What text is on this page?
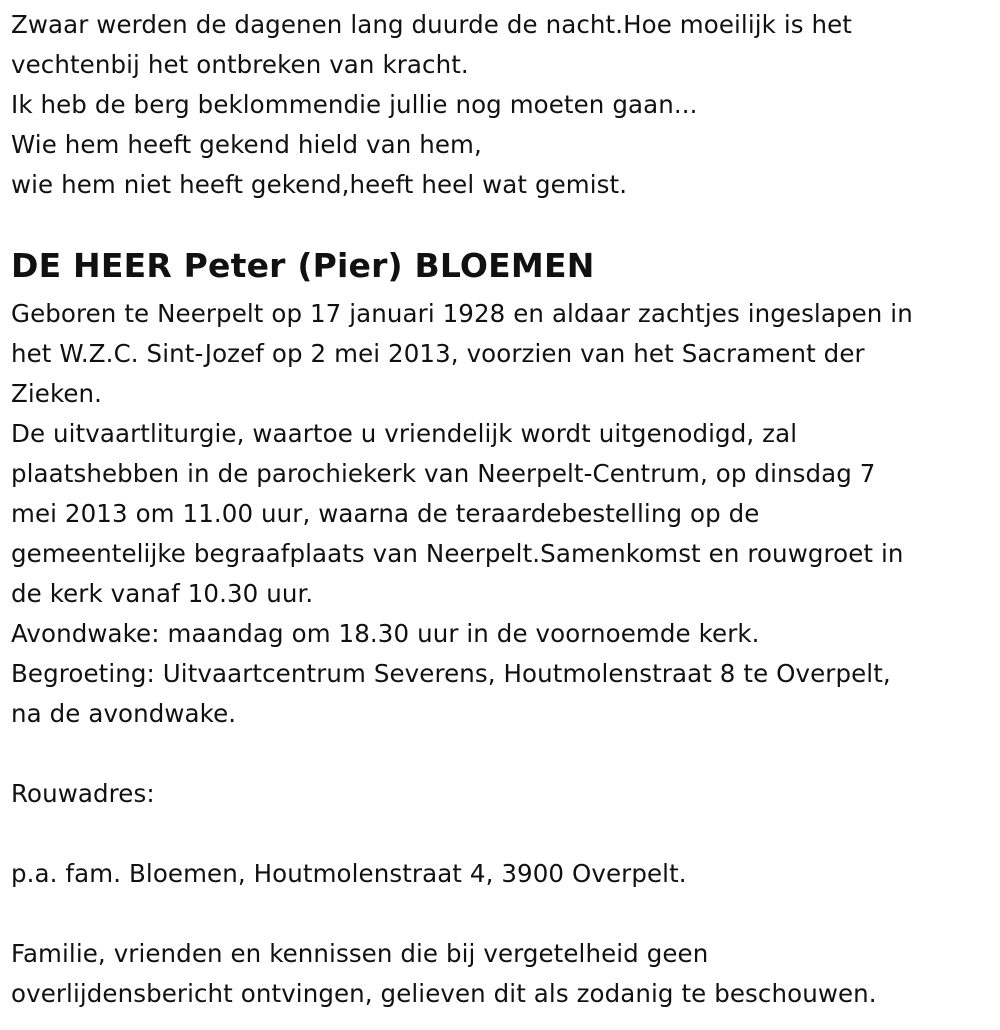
Zwaar werden de dagenen lang duurde de nacht.Hoe moeilijk is het
vechtenbij het ontbreken van kracht.
Ik heb de berg beklommendie jullie nog moeten gaan...
Wie hem heeft gekend hield van hem,
wie hem niet heeft gekend,heeft heel wat gemist.
DE HEER Peter (Pier) BLOEMEN
Geboren te Neerpelt op 17 januari 1928 en aldaar zachtjes ingeslapen in
het W.Z.C. Sint-Jozef op 2 mei 2013, voorzien van het Sacrament der
Zieken.
De uitvaartliturgie, waartoe u vriendelijk wordt uitgenodigd, zal
plaatshebben in de parochiekerk van Neerpelt-Centrum, op dinsdag 7
mei 2013 om 11.00 uur, waarna de teraardebestelling op de
gemeentelijke begraafplaats van Neerpelt.Samenkomst en rouwgroet in
de kerk vanaf 10.30 uur.
Avondwake: maandag om 18.30 uur in de voornoemde kerk.
Begroeting: Uitvaartcentrum Severens, Houtmolenstraat 8 te Overpelt,
na de avondwake.
Rouwadres:
p.a. fam. Bloemen, Houtmolenstraat 4, 3900 Overpelt.
Familie, vrienden en kennissen die bij vergetelheid geen
overlijdensbericht ontvingen, gelieven dit als zodanig te beschouwen.
